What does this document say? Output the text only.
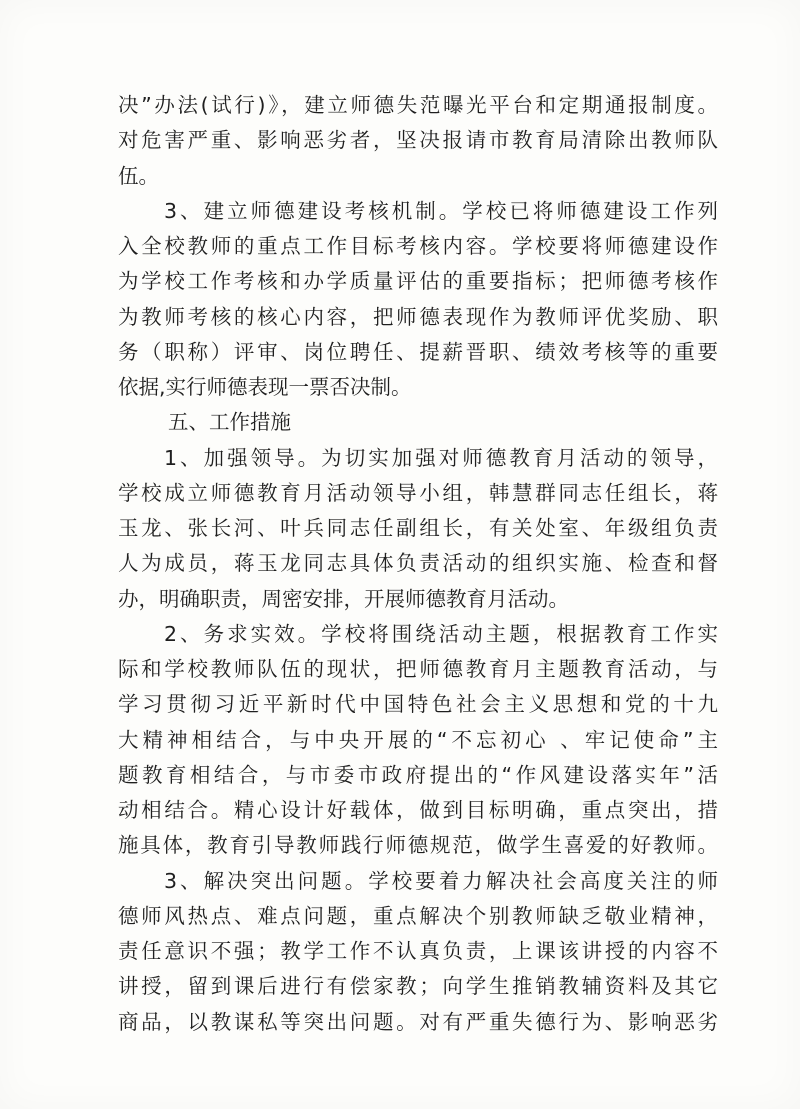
决”办法(试行)》，建立师德失范曝光平台和定期通报制度。
对危害严重、影响恶劣者，坚决报请市教育局清除出教师队
伍。
3、建立师德建设考核机制。学校已将师德建设工作列
入全校教师的重点工作目标考核内容。学校要将师德建设作
为学校工作考核和办学质量评估的重要指标；把师德考核作
为教师考核的核心内容，把师德表现作为教师评优奖励、职
务（职称）评审、岗位聘任、提薪晋职、绩效考核等的重要
依据,实行师德表现一票否决制。
五、工作措施
1、加强领导。为切实加强对师德教育月活动的领导，
学校成立师德教育月活动领导小组，韩慧群同志任组长，蒋
玉龙、张长河、叶兵同志任副组长，有关处室、年级组负责
人为成员，蒋玉龙同志具体负责活动的组织实施、检查和督
办，明确职责，周密安排，开展师德教育月活动。
2、务求实效。学校将围绕活动主题，根据教育工作实
际和学校教师队伍的现状，把师德教育月主题教育活动，与
学习贯彻习近平新时代中国特色社会主义思想和党的十九
大精神相结合，与中央开展的“不忘初心 、牢记使命”主
题教育相结合，与市委市政府提出的“作风建设落实年”活
动相结合。精心设计好载体，做到目标明确，重点突出，措
施具体，教育引导教师践行师德规范，做学生喜爱的好教师。
3、解决突出问题。学校要着力解决社会高度关注的师
德师风热点、难点问题，重点解决个别教师缺乏敬业精神，
责任意识不强；教学工作不认真负责，上课该讲授的内容不
讲授，留到课后进行有偿家教；向学生推销教辅资料及其它
商品，以教谋私等突出问题。对有严重失德行为、影响恶劣
